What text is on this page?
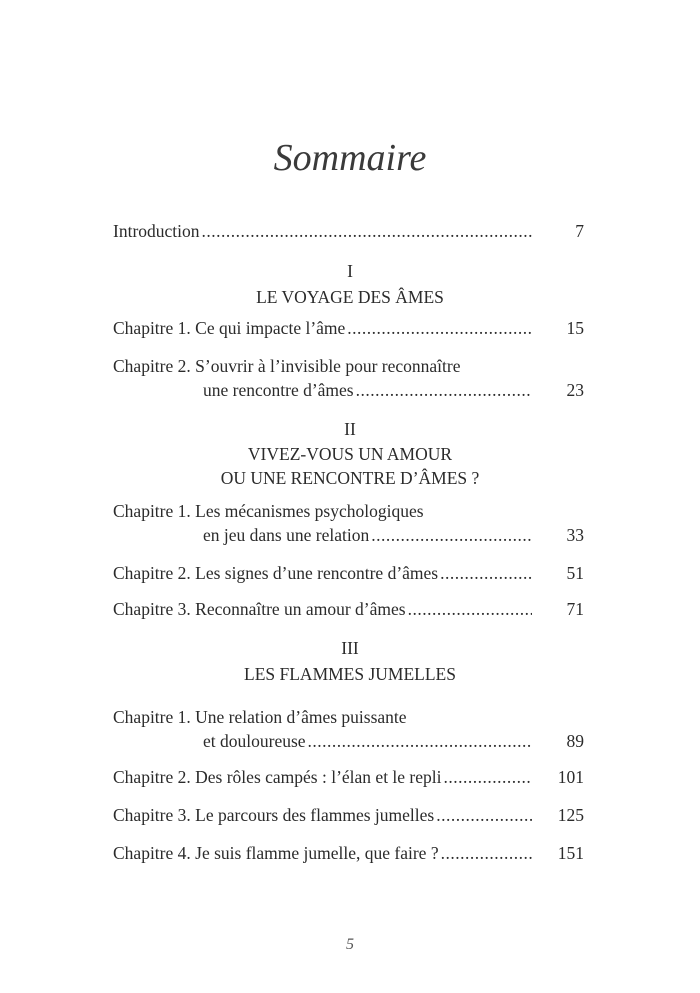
Sommaire
Introduction .....	7
I
LE VOYAGE DES ÂMES
Chapitre 1.
Ce qui impacte l’âme .....	15
Chapitre 2.
S’ouvrir à l’invisible pour reconnaître
une rencontre d’âmes .....	23
II
VIVEZ-VOUS UN AMOUR
OU UNE RENCONTRE D’ÂMES ?
Chapitre 1.
Les mécanismes psychologiques
en jeu dans une relation .....	33
Chapitre 2.
Les signes d’une rencontre d’âmes .....	51
Chapitre 3.
Reconnaître un amour d’âmes .....	71
III
LES FLAMMES JUMELLES
Chapitre 1.
Une relation d’âmes puissante
et douloureuse .....	89
Chapitre 2.
Des rôles campés : l’élan et le repli .....	101
Chapitre 3.
Le parcours des flammes jumelles .....	125
Chapitre 4.
Je suis flamme jumelle, que faire ? .....	151
5
